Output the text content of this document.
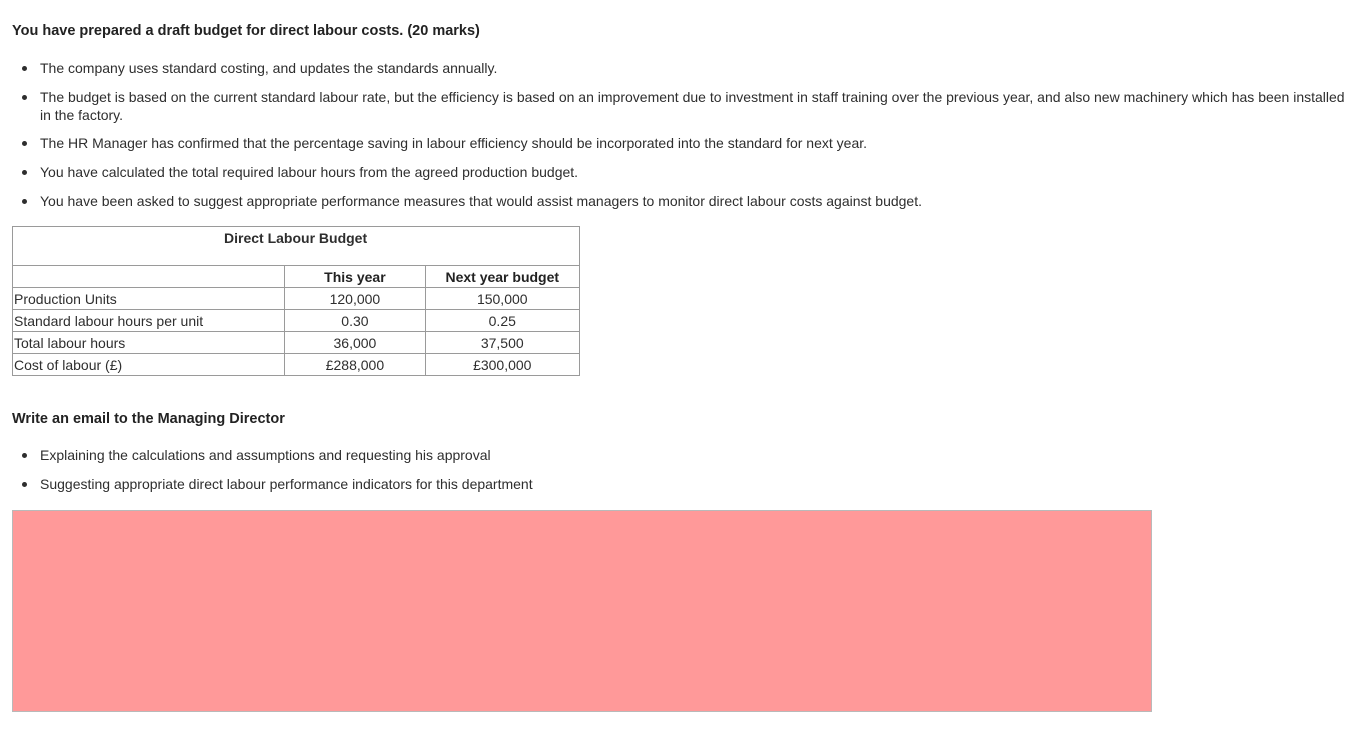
You have prepared a draft budget for direct labour costs. (20 marks)
The company uses standard costing, and updates the standards annually.
The budget is based on the current standard labour rate, but the efficiency is based on an improvement due to investment in staff training over the previous year, and also new machinery which has been installed in the factory.
The HR Manager has confirmed that the percentage saving in labour efficiency should be incorporated into the standard for next year.
You have calculated the total required labour hours from the agreed production budget.
You have been asked to suggest appropriate performance measures that would assist managers to monitor direct labour costs against budget.
Direct Labour Budget		
	This year	Next year budget
Production Units	120,000	150,000
Standard labour hours per unit	0.30	0.25
Total labour hours	36,000	37,500
Cost of labour (£)	£288,000	£300,000
Write an email to the Managing Director
Explaining the calculations and assumptions and requesting his approval
Suggesting appropriate direct labour performance indicators for this department
